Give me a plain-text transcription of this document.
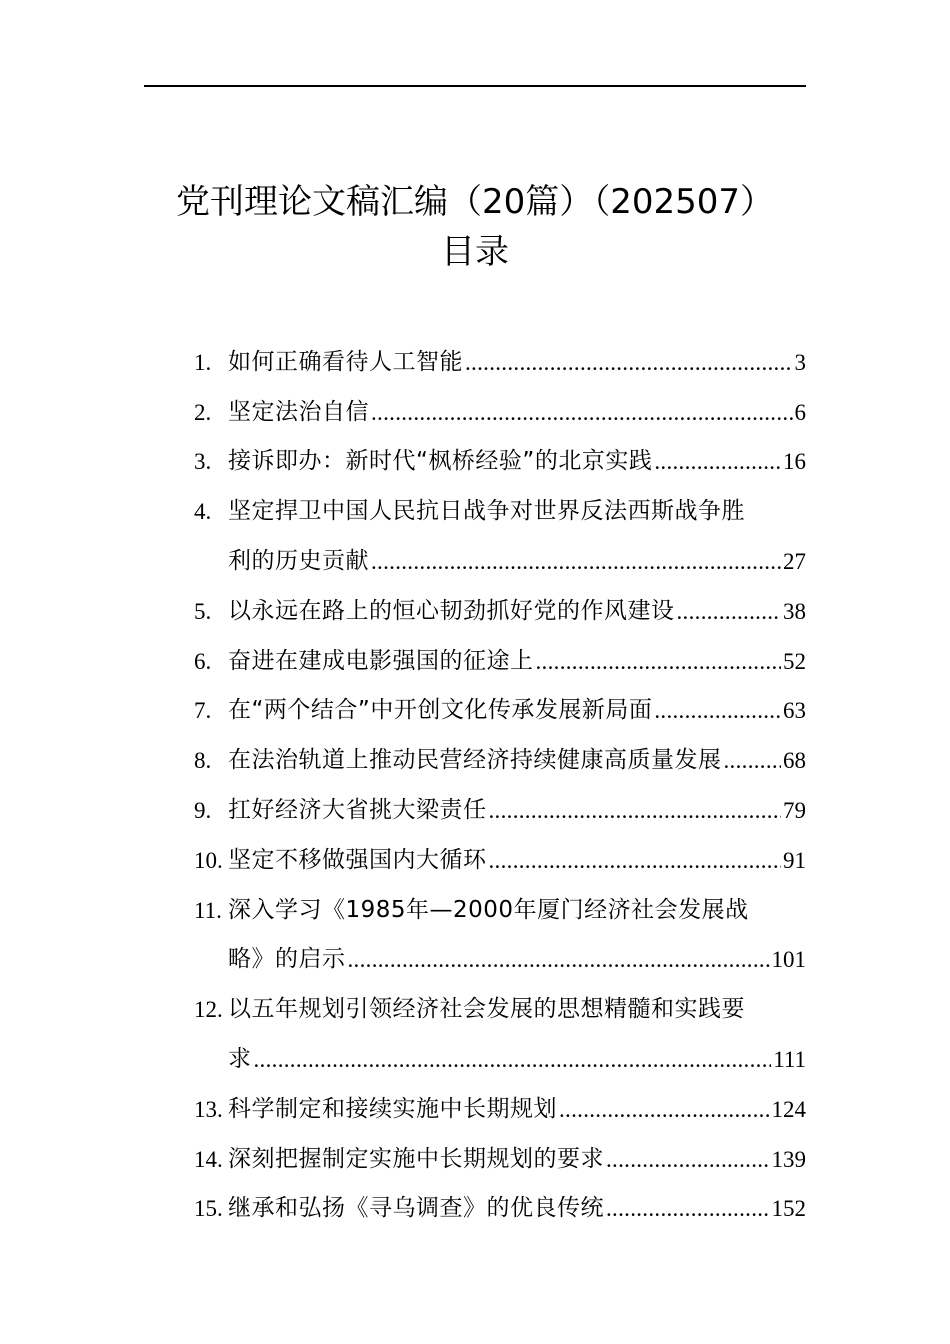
党刊理论文稿汇编（20篇）（202507）
目录
1. 如何正确看待人工智能 .....	3
2. 坚定法治自信 .....	6
3. 接诉即办：新时代“枫桥经验”的北京实践 .....	16
4. 坚定捍卫中国人民抗日战争对世界反法西斯战争胜
利的历史贡献 .....	27
5. 以永远在路上的恒心韧劲抓好党的作风建设 .....	38
6. 奋进在建成电影强国的征途上 .....	52
7. 在“两个结合”中开创文化传承发展新局面 .....	63
8. 在法治轨道上推动民营经济持续健康高质量发展 .....	68
9. 扛好经济大省挑大梁责任 .....	79
10. 坚定不移做强国内大循环 .....	91
11. 深入学习《1985年—2000年厦门经济社会发展战
略》的启示 .....	101
12. 以五年规划引领经济社会发展的思想精髓和实践要
求 .....	111
13. 科学制定和接续实施中长期规划 .....	124
14. 深刻把握制定实施中长期规划的要求 .....	139
15. 继承和弘扬《寻乌调查》的优良传统 .....	152
